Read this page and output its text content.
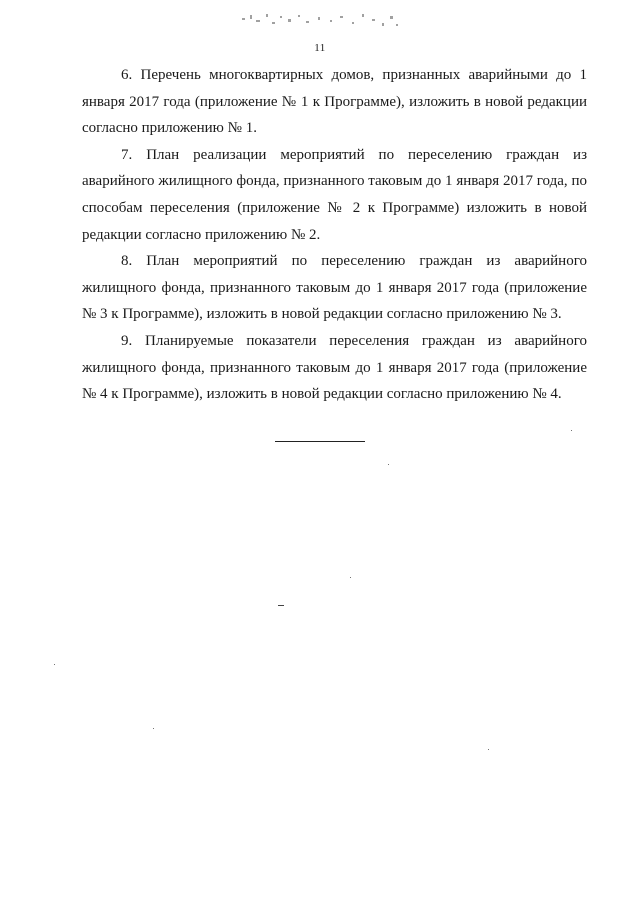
11

6. Перечень многоквартирных домов, признанных аварийными до 1 января 2017 года (приложение № 1 к Программе), изложить в новой редакции согласно приложению № 1.

7. План реализации мероприятий по переселению граждан из аварийного жилищного фонда, признанного таковым до 1 января 2017 года, по способам переселения (приложение № 2 к Программе) изложить в новой редакции согласно приложению № 2.

8. План мероприятий по переселению граждан из аварийного жилищного фонда, признанного таковым до 1 января 2017 года (приложение № 3 к Программе), изложить в новой редакции согласно приложению № 3.

9. Планируемые показатели переселения граждан из аварийного жилищного фонда, признанного таковым до 1 января 2017 года (приложение № 4 к Программе), изложить в новой редакции согласно приложению № 4.
